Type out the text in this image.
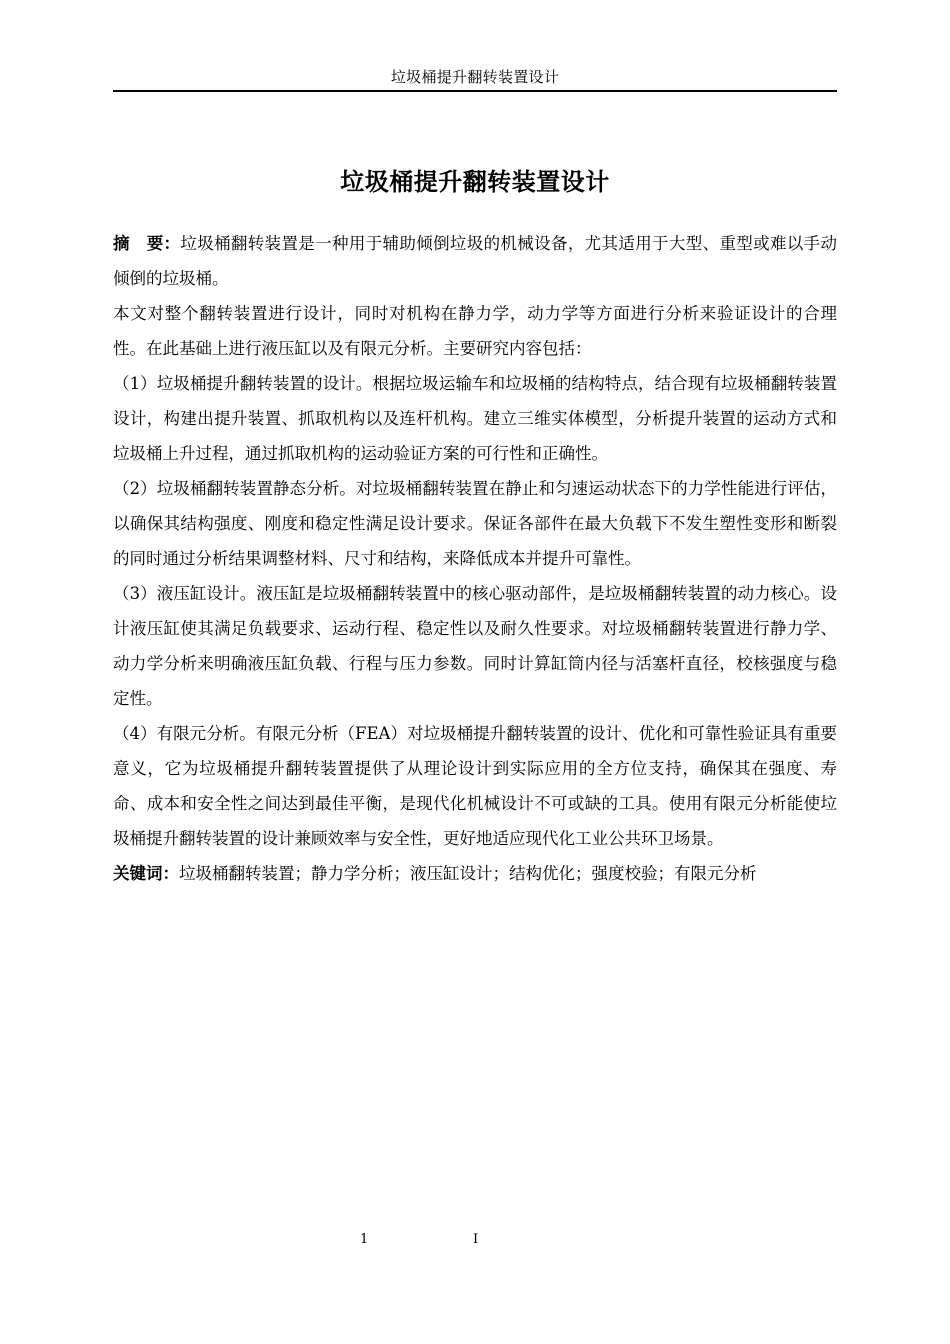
垃圾桶提升翻转装置设计
垃圾桶提升翻转装置设计

摘　要：垃圾桶翻转装置是一种用于辅助倾倒垃圾的机械设备，尤其适用于大型、重型或难以手动倾倒的垃圾桶。

本文对整个翻转装置进行设计，同时对机构在静力学，动力学等方面进行分析来验证设计的合理性。在此基础上进行液压缸以及有限元分析。主要研究内容包括：

（1）垃圾桶提升翻转装置的设计。根据垃圾运输车和垃圾桶的结构特点，结合现有垃圾桶翻转装置设计，构建出提升装置、抓取机构以及连杆机构。建立三维实体模型，分析提升装置的运动方式和垃圾桶上升过程，通过抓取机构的运动验证方案的可行性和正确性。

（2）垃圾桶翻转装置静态分析。对垃圾桶翻转装置在静止和匀速运动状态下的力学性能进行评估，以确保其结构强度、刚度和稳定性满足设计要求。保证各部件在最大负载下不发生塑性变形和断裂的同时通过分析结果调整材料、尺寸和结构，来降低成本并提升可靠性。

（3）液压缸设计。液压缸是垃圾桶翻转装置中的核心驱动部件，是垃圾桶翻转装置的动力核心。设计液压缸使其满足负载要求、运动行程、稳定性以及耐久性要求。对垃圾桶翻转装置进行静力学、动力学分析来明确液压缸负载、行程与压力参数。同时计算缸筒内径与活塞杆直径，校核强度与稳定性。

（4）有限元分析。有限元分析（FEA）对垃圾桶提升翻转装置的设计、优化和可靠性验证具有重要意义，它为垃圾桶提升翻转装置提供了从理论设计到实际应用的全方位支持，确保其在强度、寿命、成本和安全性之间达到最佳平衡，是现代化机械设计不可或缺的工具。使用有限元分析能使垃圾桶提升翻转装置的设计兼顾效率与安全性，更好地适应现代化工业公共环卫场景。

关键词：垃圾桶翻转装置；静力学分析；液压缸设计；结构优化；强度校验；有限元分析

1	I
